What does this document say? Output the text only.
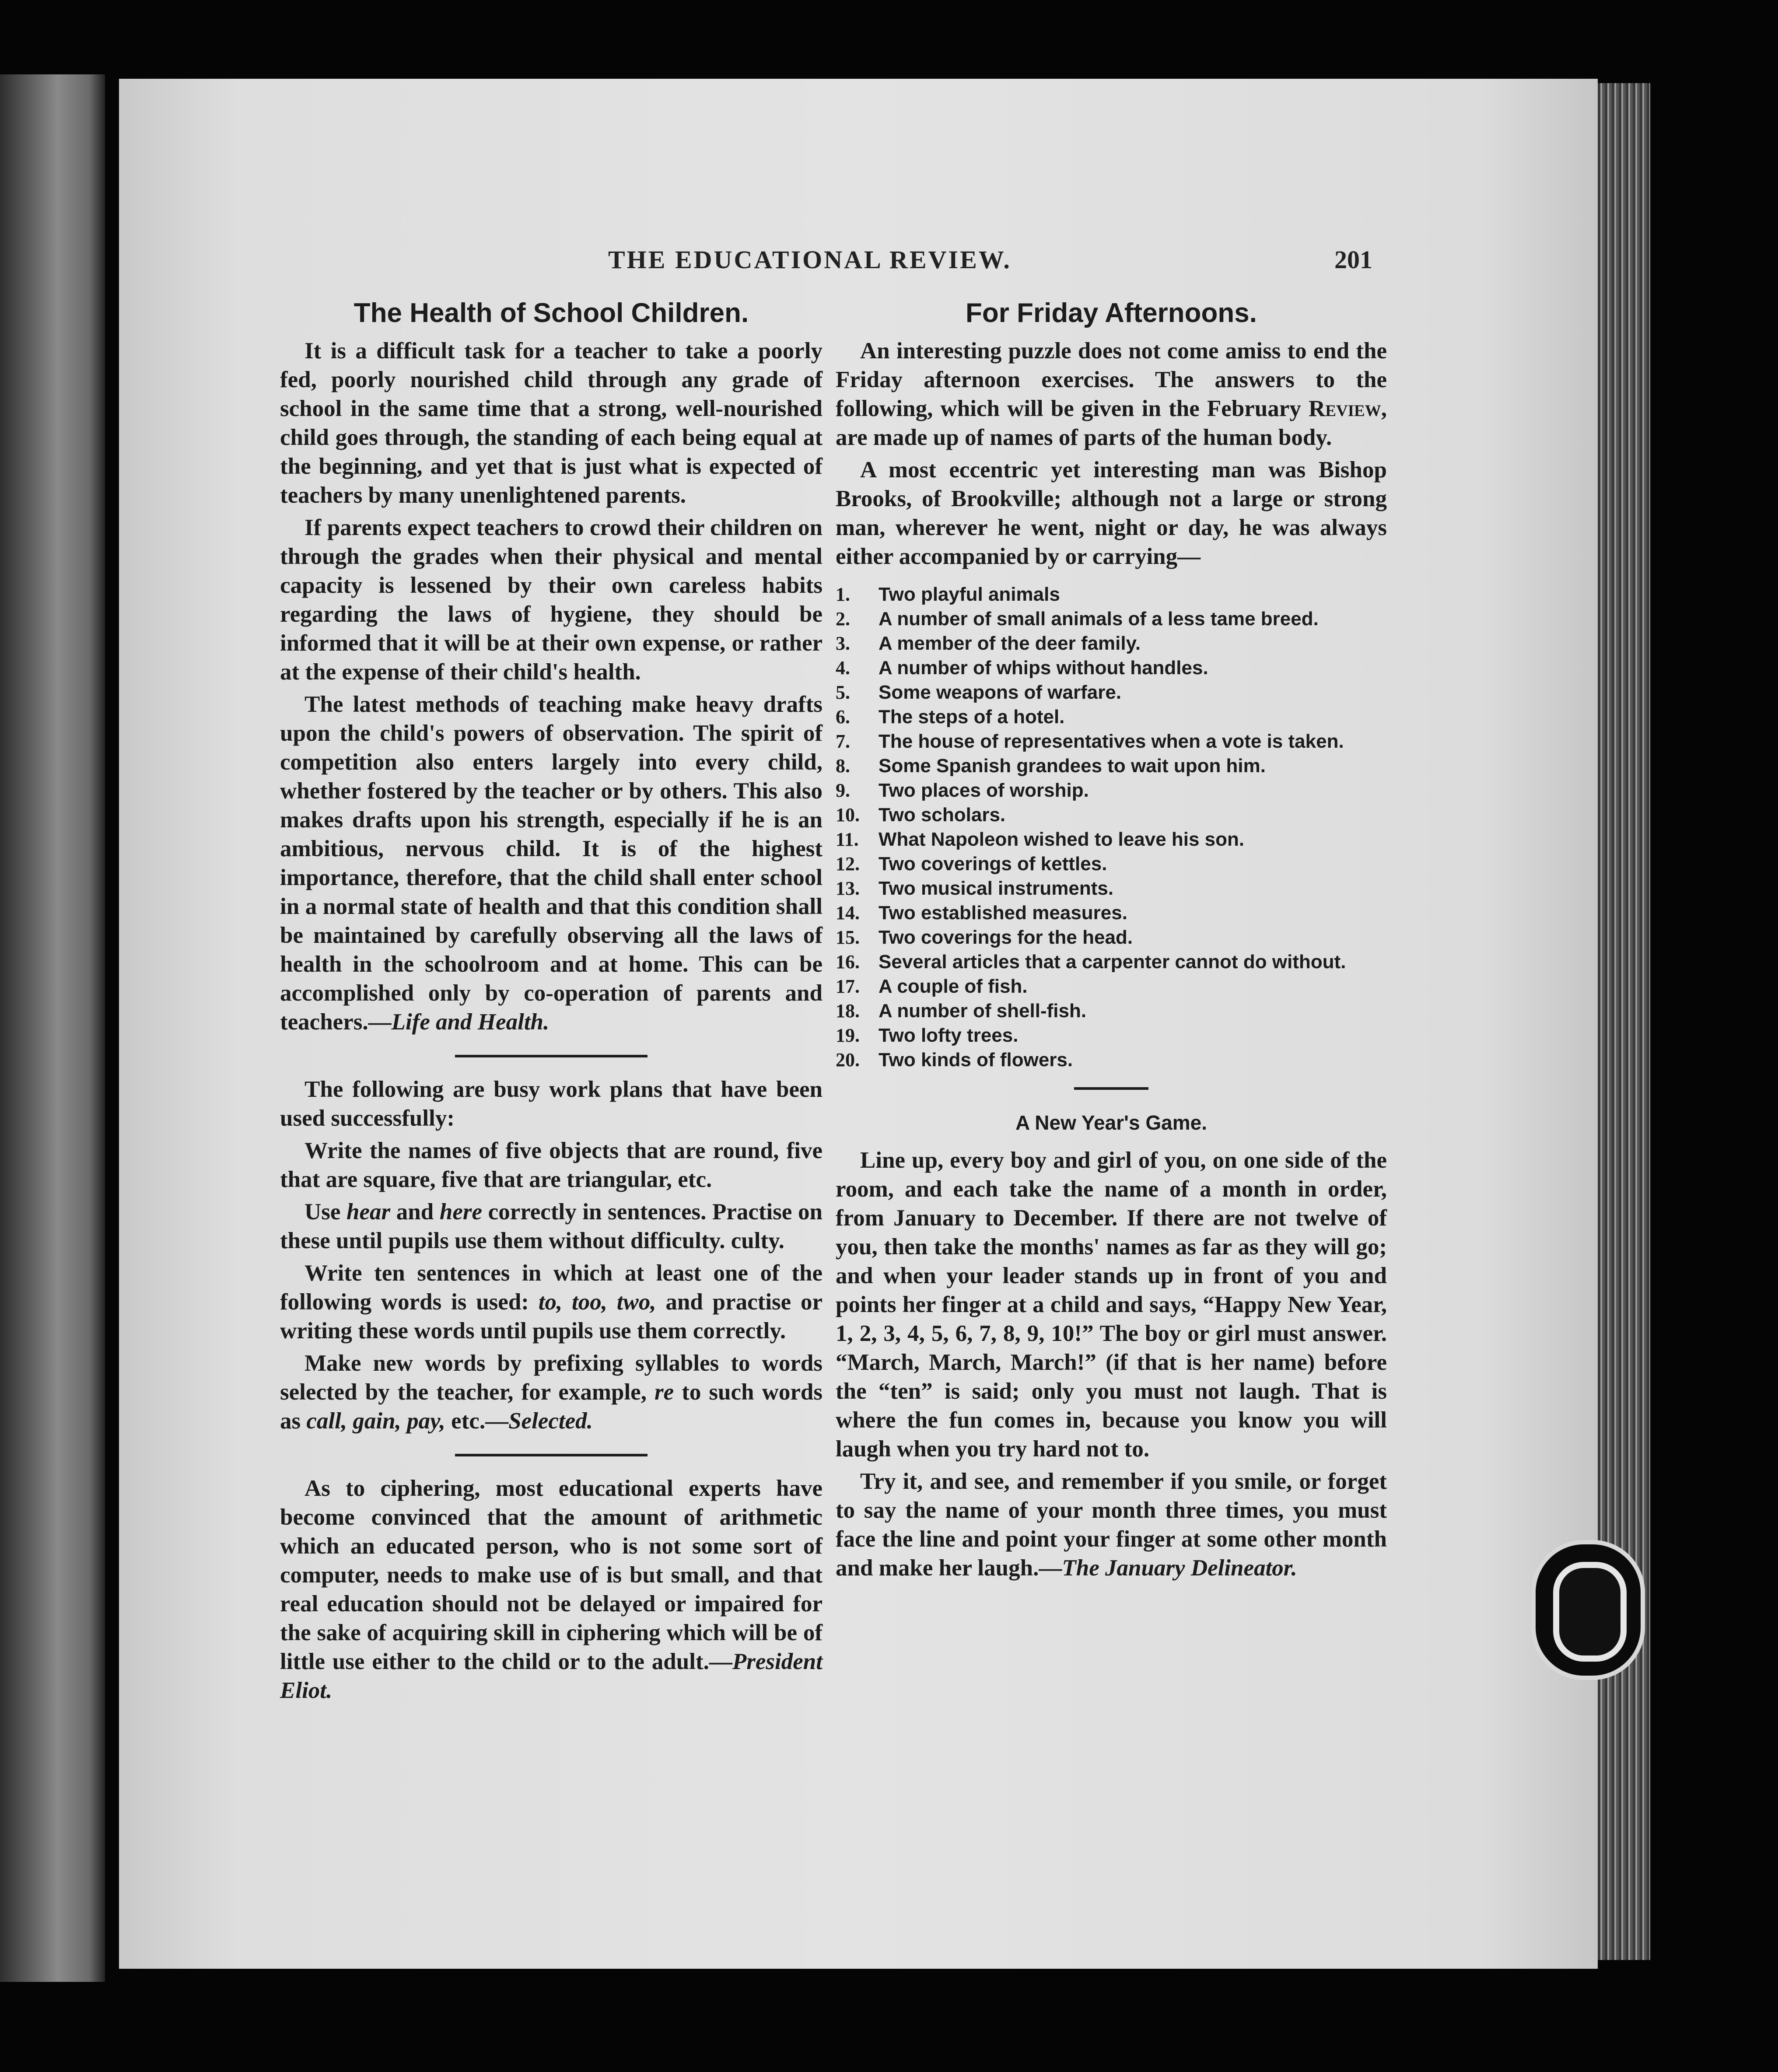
THE EDUCATIONAL REVIEW.	201
The Health of School Children.

It is a difficult task for a teacher to take a poorly fed, poorly nourished child through any grade of school in the same time that a strong, well-nourished child goes through, the standing of each being equal at the beginning, and yet that is just what is expected of teachers by many unenlightened parents.

If parents expect teachers to crowd their children on through the grades when their physical and mental capacity is lessened by their own careless habits regarding the laws of hygiene, they should be informed that it will be at their own expense, or rather at the expense of their child's health.

The latest methods of teaching make heavy drafts upon the child's powers of observation. The spirit of competition also enters largely into every child, whether fostered by the teacher or by others. This also makes drafts upon his strength, especially if he is an ambitious, nervous child. It is of the highest importance, therefore, that the child shall enter school in a normal state of health and that this condition shall be maintained by carefully observing all the laws of health in the schoolroom and at home. This can be accomplished only by co-operation of parents and teachers.—Life and Health.

The following are busy work plans that have been used successfully:

Write the names of five objects that are round, five that are square, five that are triangular, etc.

Use hear and here correctly in sentences. Practise on these until pupils use them without difficulty. culty.

Write ten sentences in which at least one of the following words is used: to, too, two, and practise or writing these words until pupils use them correctly.

Make new words by prefixing syllables to words selected by the teacher, for example, re to such words as call, gain, pay, etc.—Selected.

As to ciphering, most educational experts have become convinced that the amount of arithmetic which an educated person, who is not some sort of computer, needs to make use of is but small, and that real education should not be delayed or impaired for the sake of acquiring skill in ciphering which will be of little use either to the child or to the adult.—President Eliot.

For Friday Afternoons.

An interesting puzzle does not come amiss to end the Friday afternoon exercises. The answers to the following, which will be given in the February Review, are made up of names of parts of the human body.

A most eccentric yet interesting man was Bishop Brooks, of Brookville; although not a large or strong man, wherever he went, night or day, he was always either accompanied by or carrying—

1.	Two playful animals
2.	A number of small animals of a less tame breed.
3.	A member of the deer family.
4.	A number of whips without handles.
5.	Some weapons of warfare.
6.	The steps of a hotel.
7.	The house of representatives when a vote is taken.
8.	Some Spanish grandees to wait upon him.
9.	Two places of worship.
10. Two scholars.
11.	What Napoleon wished to leave his son.
12. Two coverings of kettles.
13. Two musical instruments.
14. Two established measures.
15. Two coverings for the head.
16. Several articles that a carpenter cannot do without.
17. A couple of fish.
18. A number of shell-fish.
19. Two lofty trees.
20. Two kinds of flowers.
A New Year's Game.

Line up, every boy and girl of you, on one side of the room, and each take the name of a month in order, from January to December. If there are not twelve of you, then take the months' names as far as they will go; and when your leader stands up in front of you and points her finger at a child and says, “Happy New Year, 1, 2, 3, 4, 5, 6, 7, 8, 9, 10!” The boy or girl must answer. “March, March, March!” (if that is her name) before the “ten” is said; only you must not laugh. That is where the fun comes in, because you know you will laugh when you try hard not to.

Try it, and see, and remember if you smile, or forget to say the name of your month three times, you must face the line and point your finger at some other month and make her laugh.—The January Delineator.
